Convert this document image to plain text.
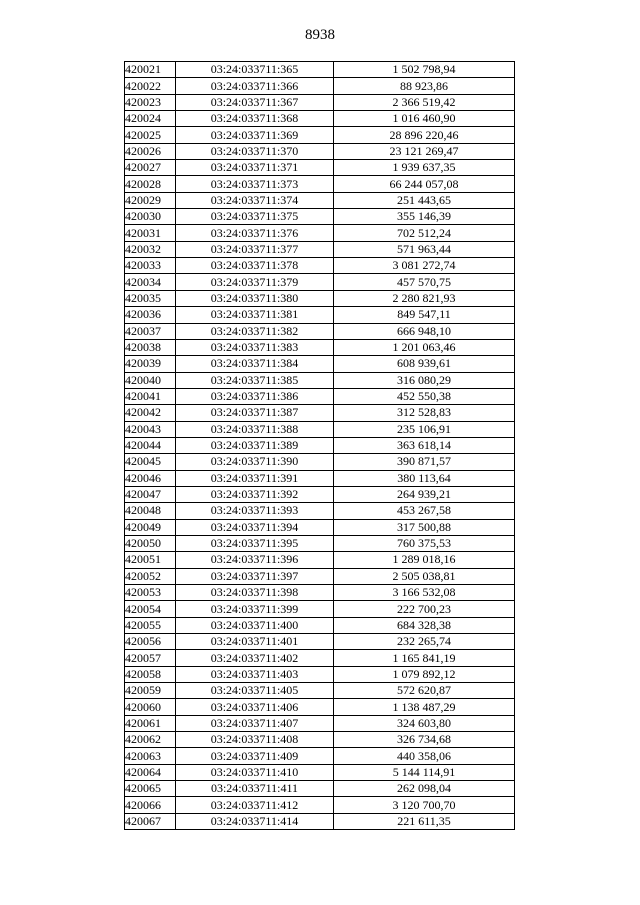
8938
420021	03:24:033711:365	1 502 798,94
420022	03:24:033711:366	88 923,86
420023	03:24:033711:367	2 366 519,42
420024	03:24:033711:368	1 016 460,90
420025	03:24:033711:369	28 896 220,46
420026	03:24:033711:370	23 121 269,47
420027	03:24:033711:371	1 939 637,35
420028	03:24:033711:373	66 244 057,08
420029	03:24:033711:374	251 443,65
420030	03:24:033711:375	355 146,39
420031	03:24:033711:376	702 512,24
420032	03:24:033711:377	571 963,44
420033	03:24:033711:378	3 081 272,74
420034	03:24:033711:379	457 570,75
420035	03:24:033711:380	2 280 821,93
420036	03:24:033711:381	849 547,11
420037	03:24:033711:382	666 948,10
420038	03:24:033711:383	1 201 063,46
420039	03:24:033711:384	608 939,61
420040	03:24:033711:385	316 080,29
420041	03:24:033711:386	452 550,38
420042	03:24:033711:387	312 528,83
420043	03:24:033711:388	235 106,91
420044	03:24:033711:389	363 618,14
420045	03:24:033711:390	390 871,57
420046	03:24:033711:391	380 113,64
420047	03:24:033711:392	264 939,21
420048	03:24:033711:393	453 267,58
420049	03:24:033711:394	317 500,88
420050	03:24:033711:395	760 375,53
420051	03:24:033711:396	1 289 018,16
420052	03:24:033711:397	2 505 038,81
420053	03:24:033711:398	3 166 532,08
420054	03:24:033711:399	222 700,23
420055	03:24:033711:400	684 328,38
420056	03:24:033711:401	232 265,74
420057	03:24:033711:402	1 165 841,19
420058	03:24:033711:403	1 079 892,12
420059	03:24:033711:405	572 620,87
420060	03:24:033711:406	1 138 487,29
420061	03:24:033711:407	324 603,80
420062	03:24:033711:408	326 734,68
420063	03:24:033711:409	440 358,06
420064	03:24:033711:410	5 144 114,91
420065	03:24:033711:411	262 098,04
420066	03:24:033711:412	3 120 700,70
420067	03:24:033711:414	221 611,35
